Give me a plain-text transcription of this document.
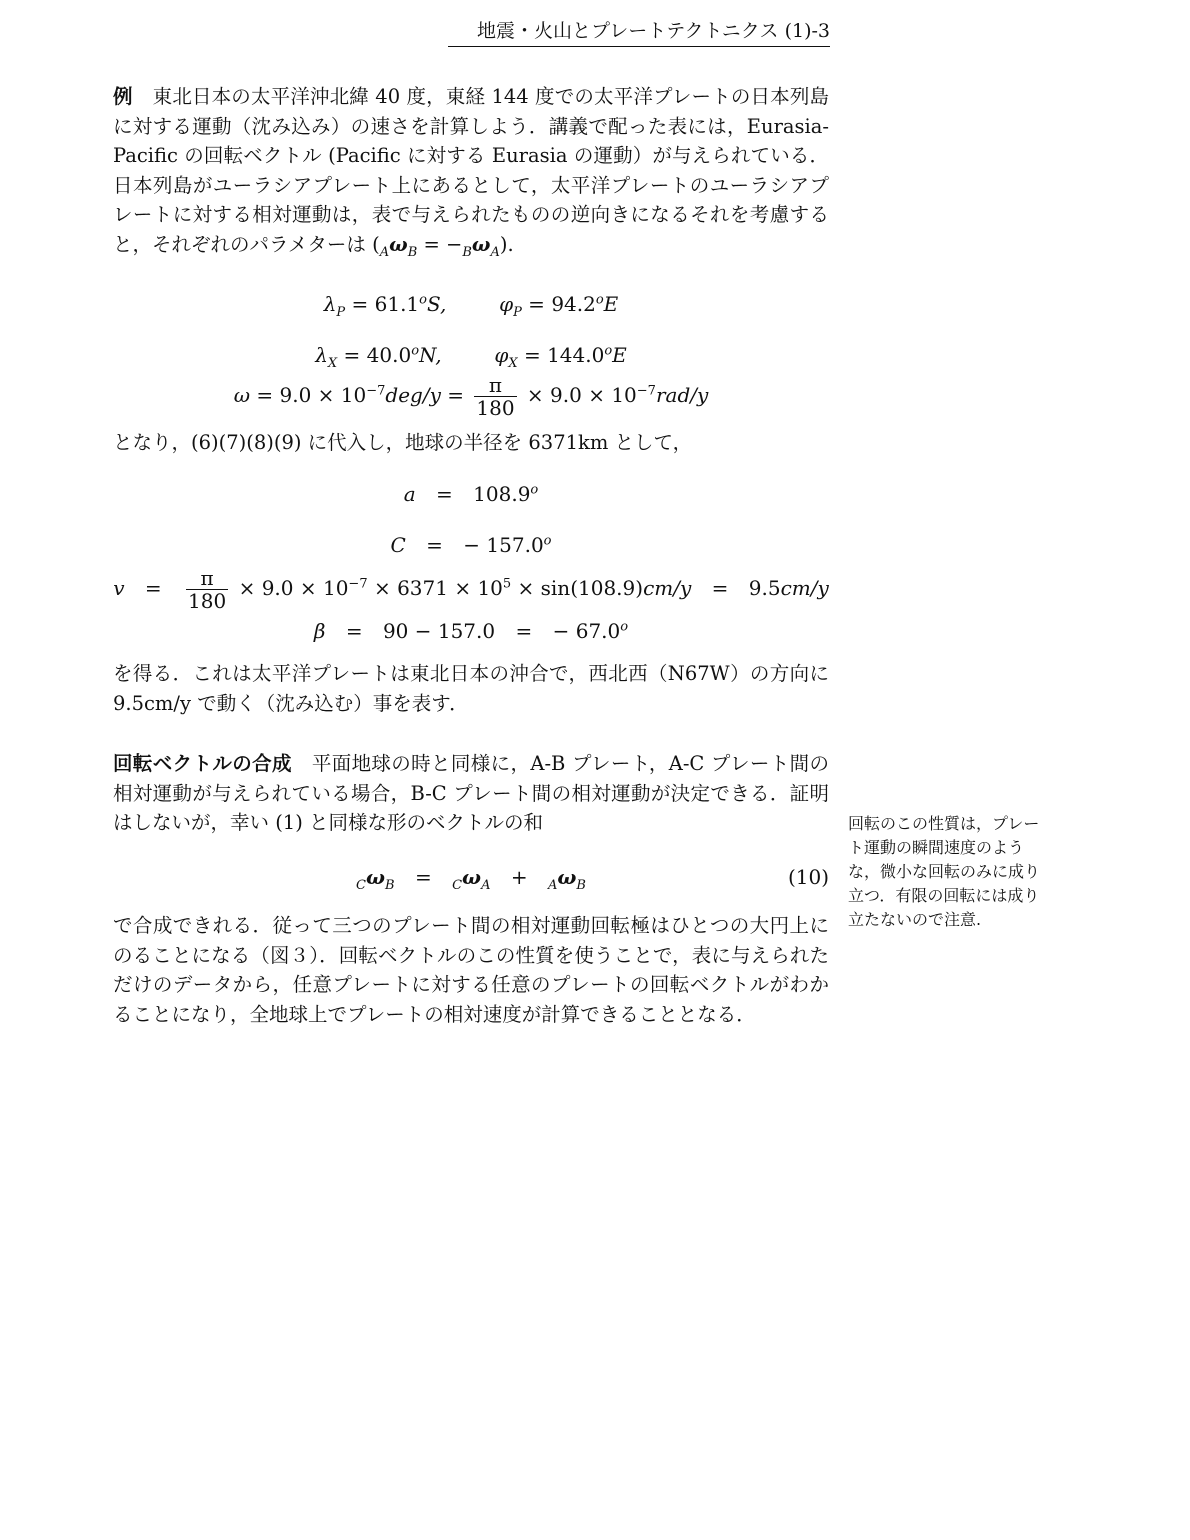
地震・火山とプレートテクトニクス (1)-3

例 東北日本の太平洋沖北緯 40 度，東経 144 度での太平洋プレートの日本列島に対する運動（沈み込み）の速さを計算しよう．講義で配った表には，Eurasia-Pacific の回転ベクトル (Pacific に対する Eurasia の運動）が与えられている．日本列島がユーラシアプレート上にあるとして，太平洋プレートのユーラシアプレートに対する相対運動は，表で与えられたものの逆向きになるそれを考慮すると，それぞれのパラメターは $(_A\omega_B = -_B\omega_A)$.

$\lambda_P = 61.1^oS$,	$\varphi_P = 94.2^oE$
$\lambda_X = 40.0^oN$,	$\varphi_X = 144.0^oE$
$\omega = 9.0 \times 10^{-7}deg/y = \frac{\pi}{180} \times 9.0 \times 10^{-7}rad/y$

となり，(6)(7)(8)(9) に代入し，地球の半径を 6371km として，

$a = 108.9^o$
C = − $157.0^o$
$v = \frac{\pi}{180} \times 9.0 \times 10^{-7} \times 6371 \times 10^5 \times \sin(108.9)cm/y = 9.5cm/y$
β = 90 − 157.0 = − $67.0^o$

を得る．これは太平洋プレートは東北日本の沖合で，西北西（N67W）の方向に 9.5cm/y で動く（沈み込む）事を表す．

回転ベクトルの合成 平面地球の時と同様に，A-B プレート，A-C プレート間の相対運動が与えられている場合，B-C プレート間の相対運動が決定できる．証明はしないが，幸い (1) と同様な形のベクトルの和

$_C\omega_B = _C\omega_A + _A\omega_B$	(10)

で合成できれる．従って三つのプレート間の相対運動回転極はひとつの大円上にのることになる（図３）．回転ベクトルのこの性質を使うことで，表に与えられただけのデータから，任意プレートに対する任意のプレートの回転ベクトルがわかることになり，全地球上でプレートの相対速度が計算できることとなる．

回転のこの性質は，プレート運動の瞬間速度のような，微小な回転のみに成り立つ．有限の回転には成り立たないので注意.
